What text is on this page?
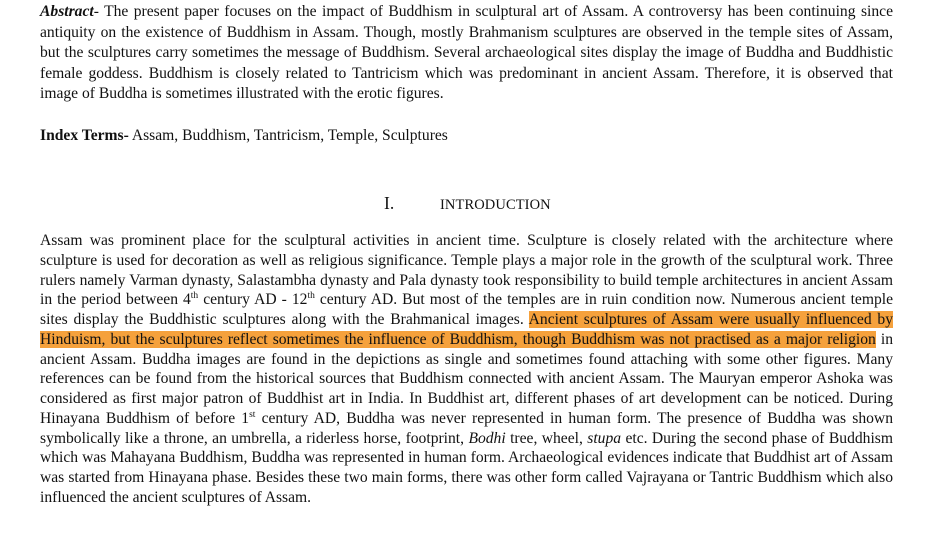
Abstract- The present paper focuses on the impact of Buddhism in sculptural art of Assam. A controversy has been continuing since antiquity on the existence of Buddhism in Assam. Though, mostly Brahmanism sculptures are observed in the temple sites of Assam, but the sculptures carry sometimes the message of Buddhism. Several archaeological sites display the image of Buddha and Buddhistic female goddess. Buddhism is closely related to Tantricism which was predominant in ancient Assam. Therefore, it is observed that image of Buddha is sometimes illustrated with the erotic figures.
Index Terms- Assam, Buddhism, Tantricism, Temple, Sculptures
I.	INTRODUCTION
Assam was prominent place for the sculptural activities in ancient time. Sculpture is closely related with the architecture where sculpture is used for decoration as well as religious significance. Temple plays a major role in the growth of the sculptural work. Three rulers namely Varman dynasty, Salastambha dynasty and Pala dynasty took responsibility to build temple architectures in ancient Assam in the period between 4th century AD - 12th century AD. But most of the temples are in ruin condition now. Numerous ancient temple sites display the Buddhistic sculptures along with the Brahmanical images. Ancient sculptures of Assam were usually influenced by Hinduism, but the sculptures reflect sometimes the influence of Buddhism, though Buddhism was not practised as a major religion in ancient Assam. Buddha images are found in the depictions as single and sometimes found attaching with some other figures. Many references can be found from the historical sources that Buddhism connected with ancient Assam. The Mauryan emperor Ashoka was considered as first major patron of Buddhist art in India. In Buddhist art, different phases of art development can be noticed. During Hinayana Buddhism of before 1st century AD, Buddha was never represented in human form. The presence of Buddha was shown symbolically like a throne, an umbrella, a riderless horse, footprint, Bodhi tree, wheel, stupa etc. During the second phase of Buddhism which was Mahayana Buddhism, Buddha was represented in human form. Archaeological evidences indicate that Buddhist art of Assam was started from Hinayana phase. Besides these two main forms, there was other form called Vajrayana or Tantric Buddhism which also influenced the ancient sculptures of Assam.
